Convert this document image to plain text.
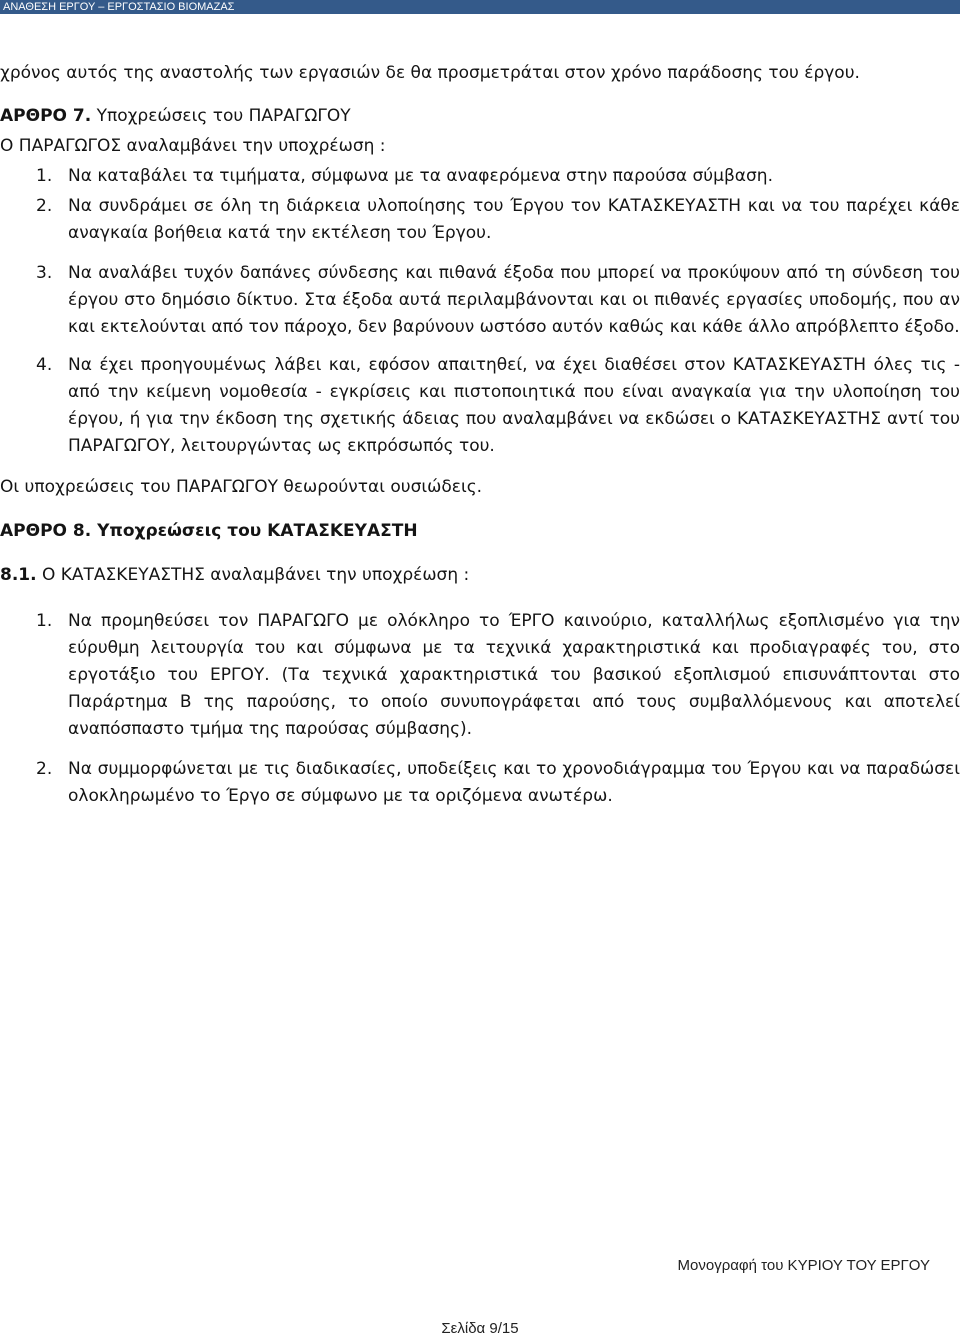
ΑΝΑΘΕΣΗ ΕΡΓΟΥ – ΕΡΓΟΣΤΑΣΙΟ ΒΙΟΜΑΖΑΣ

χρόνος αυτός της αναστολής των εργασιών δε θα προσμετράται στον χρόνο παράδοσης του έργου.

ΑΡΘΡΟ 7. Υποχρεώσεις του ΠΑΡΑΓΩΓΟΥ

Ο ΠΑΡΑΓΩΓΟΣ αναλαμβάνει την υποχρέωση :

1. Να καταβάλει τα τιμήματα, σύμφωνα με τα αναφερόμενα στην παρούσα σύμβαση.
2. Να συνδράμει σε όλη τη διάρκεια υλοποίησης του Έργου τον ΚΑΤΑΣΚΕΥΑΣΤΗ και να του παρέχει κάθε αναγκαία βοήθεια κατά την εκτέλεση του Έργου.
3. Να αναλάβει τυχόν δαπάνες σύνδεσης και πιθανά έξοδα που μπορεί να προκύψουν από τη σύνδεση του έργου στο δημόσιο δίκτυο. Στα έξοδα αυτά περιλαμβάνονται και οι πιθανές εργασίες υποδομής, που αν και εκτελούνται από τον πάροχο, δεν βαρύνουν ωστόσο αυτόν καθώς και κάθε άλλο απρόβλεπτο έξοδο.
4. Να έχει προηγουμένως λάβει και, εφόσον απαιτηθεί, να έχει διαθέσει στον ΚΑΤΑΣΚΕΥΑΣΤΗ όλες τις - από την κείμενη νομοθεσία - εγκρίσεις και πιστοποιητικά που είναι αναγκαία για την υλοποίηση του έργου, ή για την έκδοση της σχετικής άδειας που αναλαμβάνει να εκδώσει ο ΚΑΤΑΣΚΕΥΑΣΤΗΣ αντί του ΠΑΡΑΓΩΓΟΥ, λειτουργώντας ως εκπρόσωπός του.

Οι υποχρεώσεις του ΠΑΡΑΓΩΓΟΥ θεωρούνται ουσιώδεις.

ΑΡΘΡΟ 8. Υποχρεώσεις του ΚΑΤΑΣΚΕΥΑΣΤΗ

8.1. Ο ΚΑΤΑΣΚΕΥΑΣΤΗΣ αναλαμβάνει την υποχρέωση :

1. Να προμηθεύσει τον ΠΑΡΑΓΩΓΟ με ολόκληρο το ΈΡΓΟ καινούριο, καταλλήλως εξοπλισμένο για την εύρυθμη λειτουργία του και σύμφωνα με τα τεχνικά χαρακτηριστικά και προδιαγραφές του, στο εργοτάξιο του ΕΡΓΟΥ. (Τα τεχνικά χαρακτηριστικά του βασικού εξοπλισμού επισυνάπτονται στο Παράρτημα Β της παρούσης, το οποίο συνυπογράφεται από τους συμβαλλόμενους και αποτελεί αναπόσπαστο τμήμα της παρούσας σύμβασης).
2. Να συμμορφώνεται με τις διαδικασίες, υποδείξεις και το χρονοδιάγραμμα του Έργου και να παραδώσει ολοκληρωμένο το Έργο σε σύμφωνο με τα οριζόμενα ανωτέρω.
Μονογραφή του ΚΥΡΙΟΥ ΤΟΥ ΕΡΓΟΥ
Σελίδα 9/15
